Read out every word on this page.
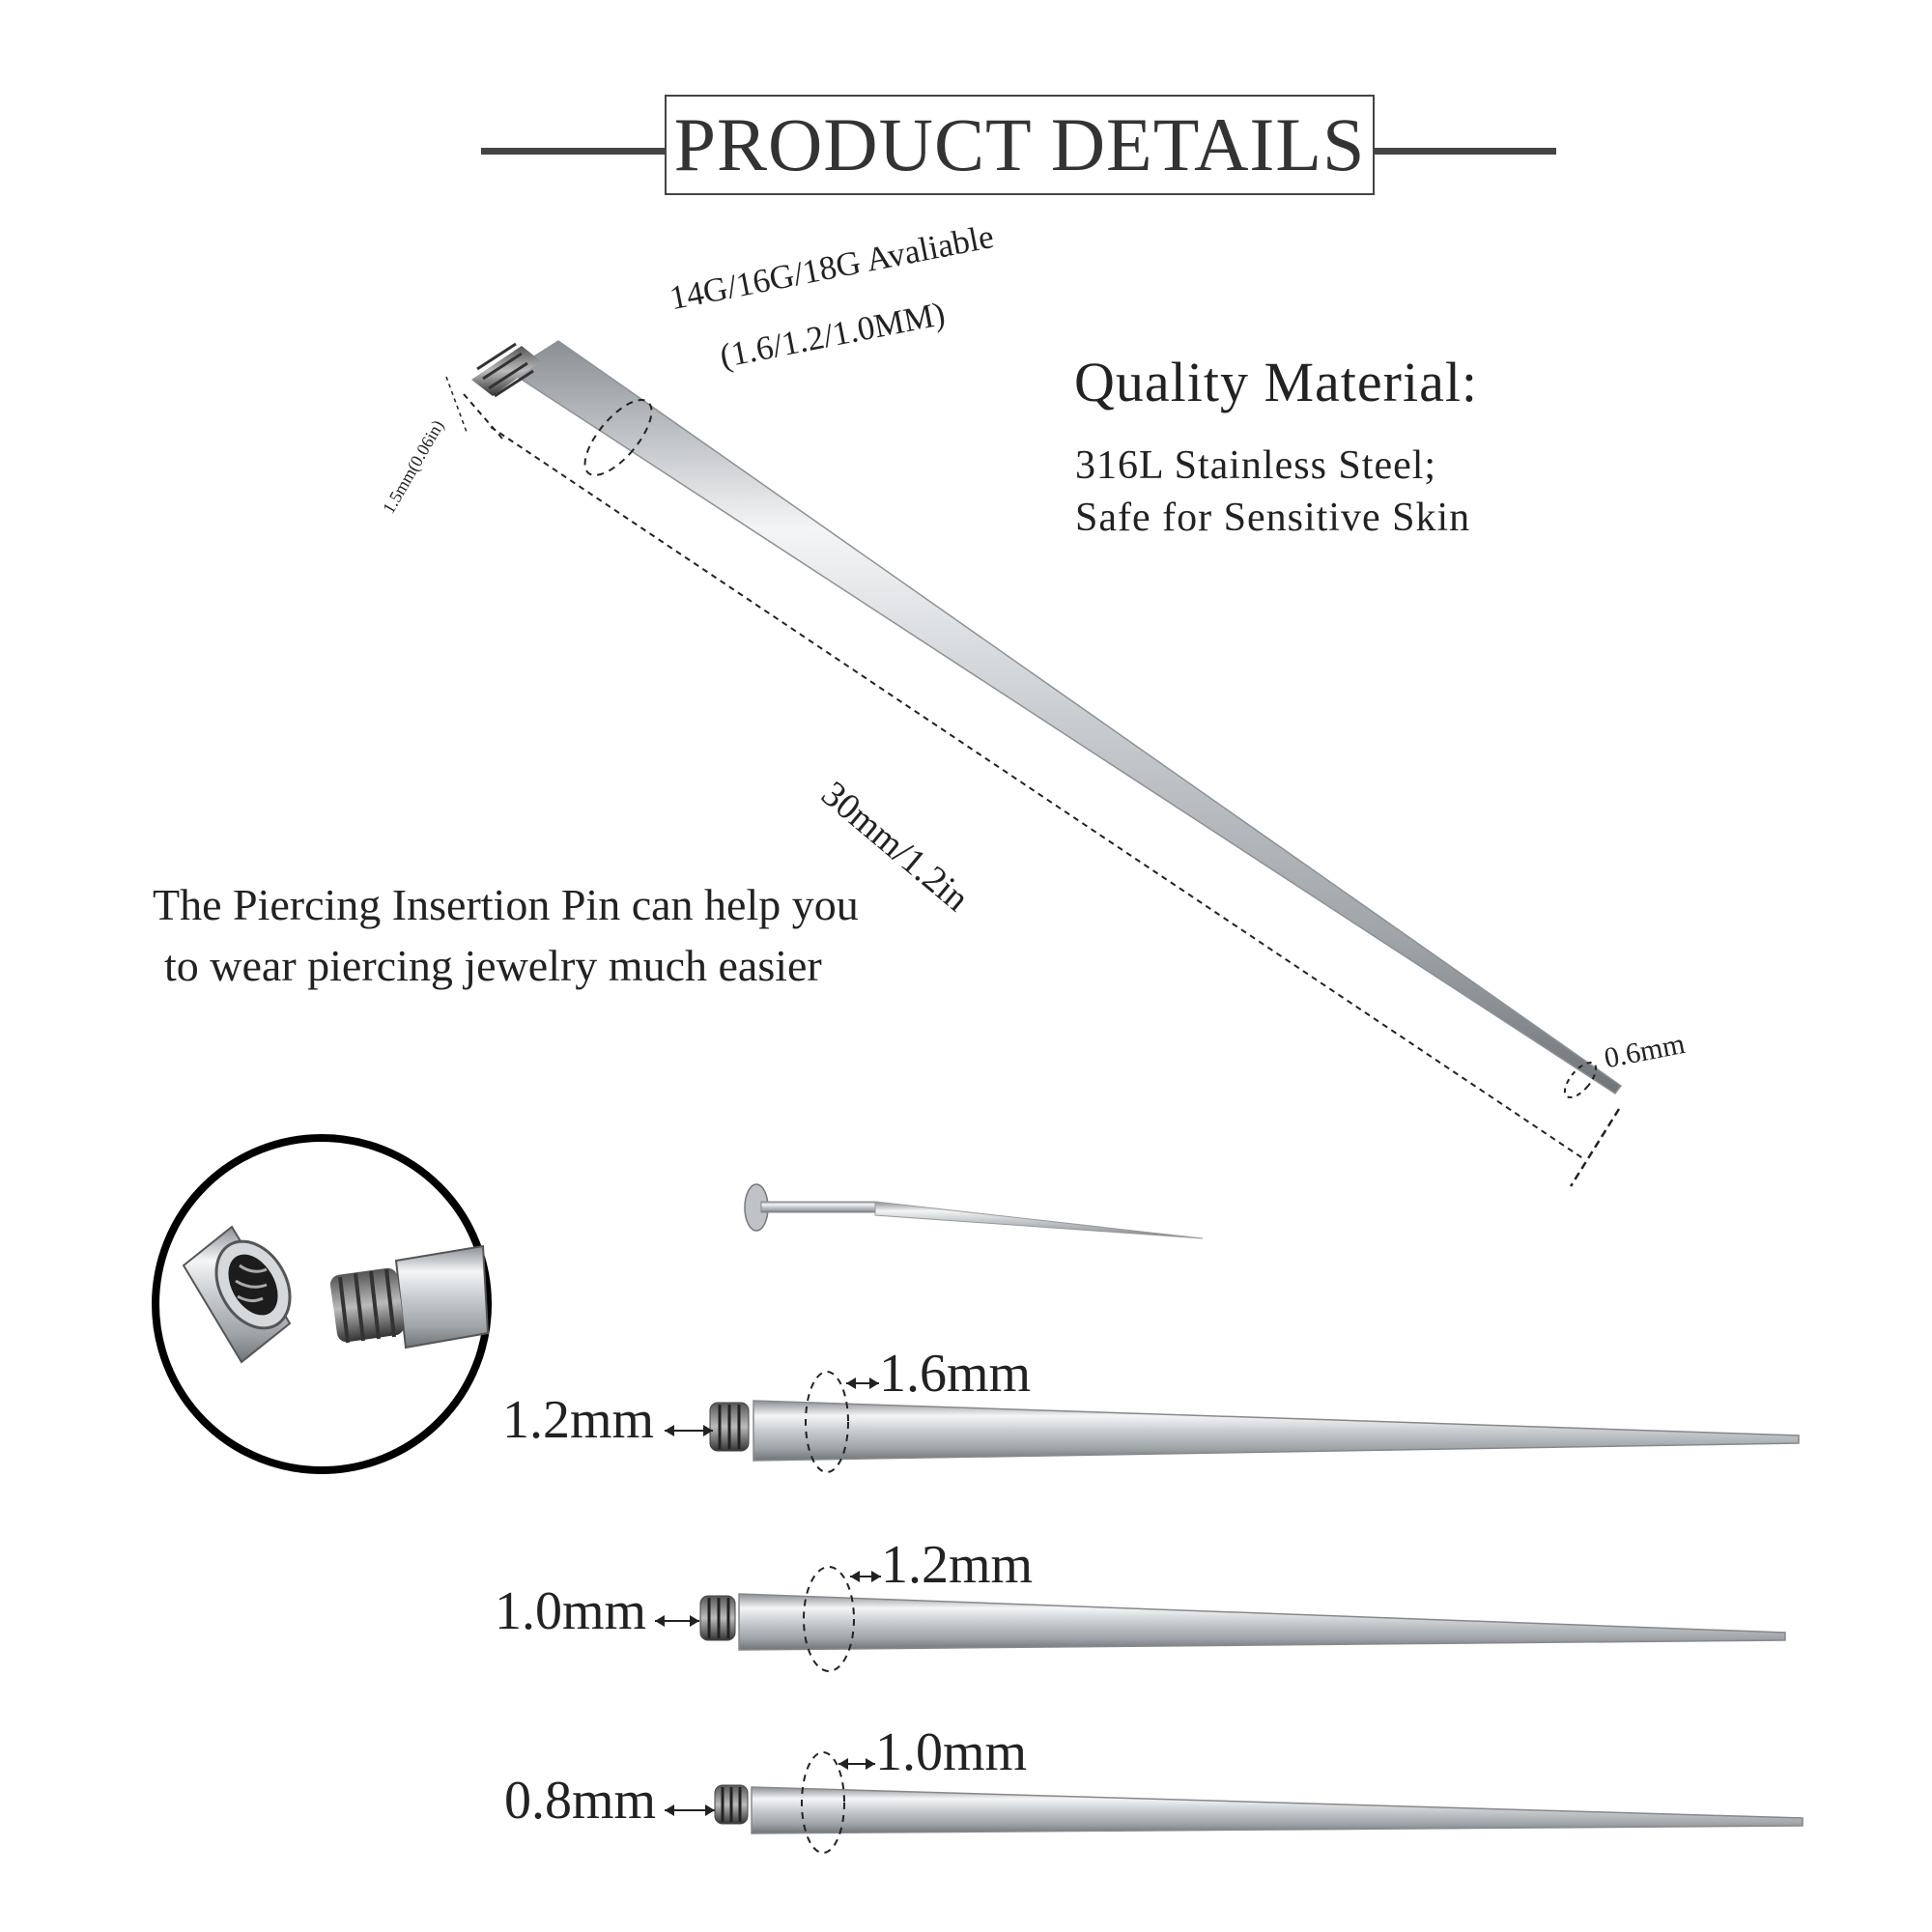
PRODUCT DETAILS
Quality Material:
316L Stainless Steel;
Safe for Sensitive Skin
The Piercing Insertion Pin can help you
to wear piercing jewelry much easier
14G/16G/18G Avaliable
(1.6/1.2/1.0MM)
30mm/1.2in
1.5mm(0.06in)
0.6mm
1.2mm
1.6mm
1.0mm
1.2mm
0.8mm
1.0mm
